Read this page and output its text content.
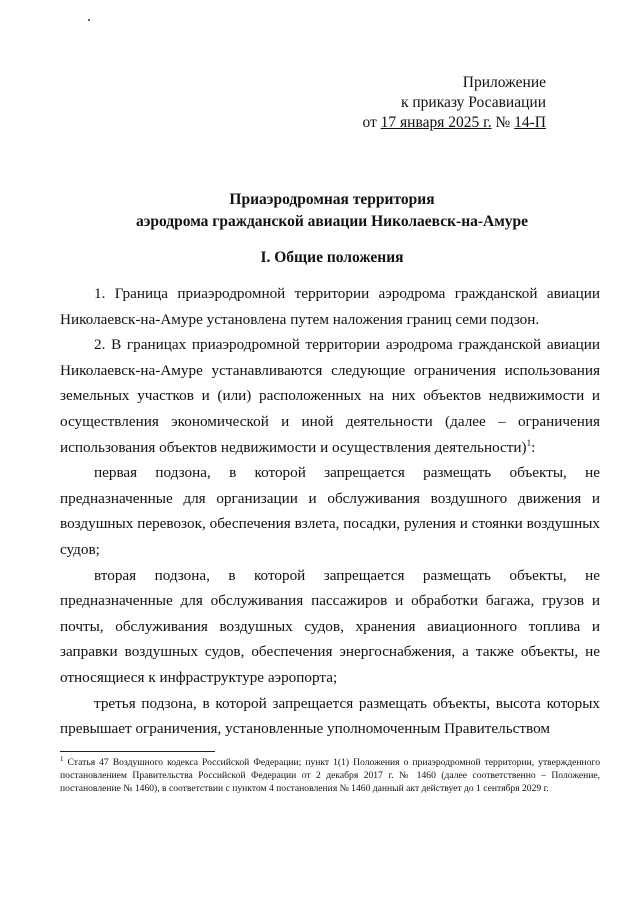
Приложение
к приказу Росавиации
от 17 января 2025 г. № 14-П
Приаэродромная территория
аэродрома гражданской авиации Николаевск-на-Амуре
I. Общие положения

1. Граница приаэродромной территории аэродрома гражданской авиации Николаевск-на-Амуре установлена путем наложения границ семи подзон.

2. В границах приаэродромной территории аэродрома гражданской авиации Николаевск-на-Амуре устанавливаются следующие ограничения использования земельных участков и (или) расположенных на них объектов недвижимости и осуществления экономической и иной деятельности (далее – ограничения использования объектов недвижимости и осуществления деятельности)$^1$:

первая подзона, в которой запрещается размещать объекты, не предназначенные для организации и обслуживания воздушного движения и воздушных перевозок, обеспечения взлета, посадки, руления и стоянки воздушных судов;

вторая подзона, в которой запрещается размещать объекты, не предназначенные для обслуживания пассажиров и обработки багажа, грузов и почты, обслуживания воздушных судов, хранения авиационного топлива и заправки воздушных судов, обеспечения энергоснабжения, а также объекты, не относящиеся к инфраструктуре аэропорта;

третья подзона, в которой запрещается размещать объекты, высота которых превышает ограничения, установленные уполномоченным Правительством

$^1$ Статья 47 Воздушного кодекса Российской Федерации; пункт 1(1) Положения о приаэродромной территории, утвержденного постановлением Правительства Российской Федерации от 2 декабря 2017 г. № 1460 (далее соответственно – Положение, постановление № 1460), в соответствии с пунктом 4 постановления № 1460 данный акт действует до 1 сентября 2029 г.
